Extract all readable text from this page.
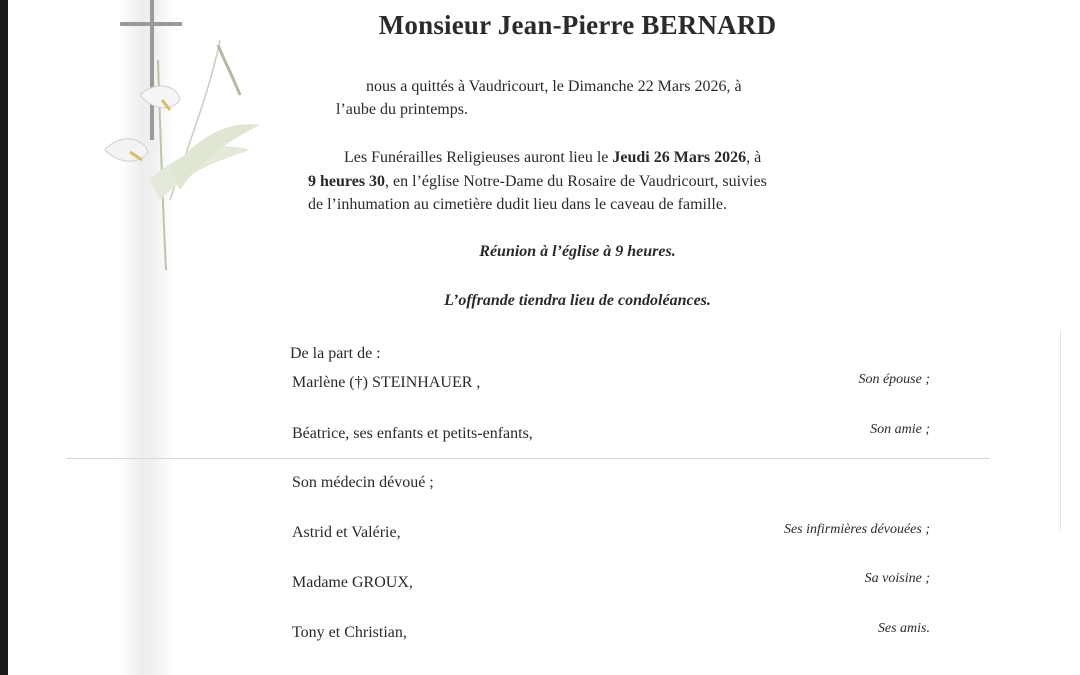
Monsieur Jean-Pierre BERNARD
nous a quittés à Vaudricourt, le Dimanche 22 Mars 2026, à
l’aube du printemps.
Les Funérailles Religieuses auront lieu le Jeudi 26 Mars 2026, à
9 heures 30, en l’église Notre-Dame du Rosaire de Vaudricourt, suivies
de l’inhumation au cimetière dudit lieu dans le caveau de famille.
Réunion à l’église à 9 heures.
L’offrande tiendra lieu de condoléances.
De la part de :
Marlène (†) STEINHAUER ,	Son épouse ;
Béatrice, ses enfants et petits-enfants,	Son amie ;
Son médecin dévoué ;
Astrid et Valérie,	Ses infirmières dévouées ;
Madame GROUX,	Sa voisine ;
Tony et Christian,	Ses amis.
